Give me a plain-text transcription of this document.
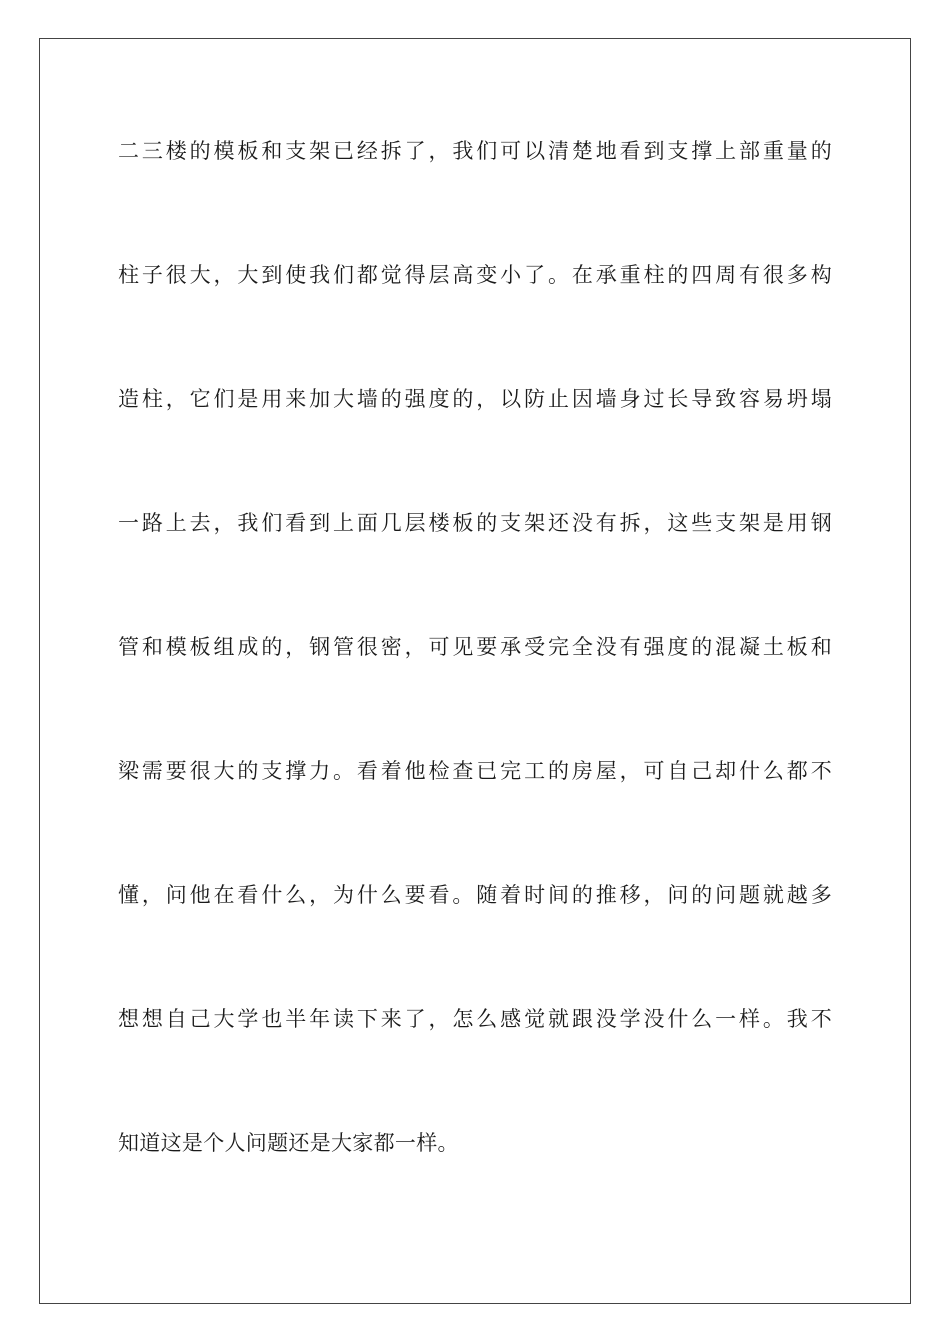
二三楼的模板和支架已经拆了，我们可以清楚地看到支撑上部重量的
柱子很大，大到使我们都觉得层高变小了。在承重柱的四周有很多构
造柱，它们是用来加大墙的强度的，以防止因墙身过长导致容易坍塌
一路上去，我们看到上面几层楼板的支架还没有拆，这些支架是用钢
管和模板组成的，钢管很密，可见要承受完全没有强度的混凝土板和
梁需要很大的支撑力。看着他检查已完工的房屋，可自己却什么都不
懂，问他在看什么，为什么要看。随着时间的推移，问的问题就越多
想想自己大学也半年读下来了，怎么感觉就跟没学没什么一样。我不
知道这是个人问题还是大家都一样。
